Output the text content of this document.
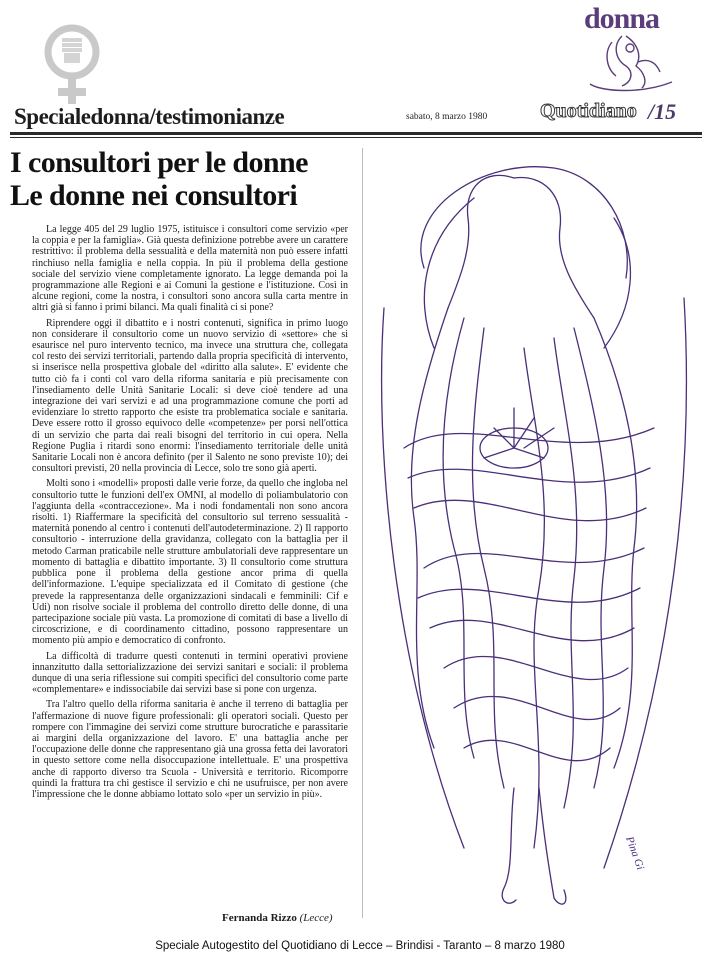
donna
Specialedonna/testimonianze	sabato, 8 marzo 1980	Quotidiano /15
I consultori per le donne
Le donne nei consultori

La legge 405 del 29 luglio 1975, istituisce i consultori come servizio «per la coppia e per la famiglia». Già questa definizione potrebbe avere un carattere restrittivo: il problema della sessualità e della maternità non può essere infatti rinchiuso nella famiglia e nella coppia. In più il problema della gestione sociale del servizio viene completamente ignorato. La legge demanda poi la programmazione alle Regioni e ai Comuni la gestione e l'istituzione. Così in alcune regioni, come la nostra, i consultori sono ancora sulla carta mentre in altri già si fanno i primi bilanci. Ma quali finalità ci si pone?

Riprendere oggi il dibattito e i nostri contenuti, significa in primo luogo non considerare il consultorio come un nuovo servizio di «settore» che si esaurisce nel puro intervento tecnico, ma invece una struttura che, collegata col resto dei servizi territoriali, partendo dalla propria specificità di intervento, si inserisce nella prospettiva globale del «diritto alla salute». E' evidente che tutto ciò fa i conti col varo della riforma sanitaria e più precisamente con l'insediamento delle Unità Sanitarie Locali: si deve cioè tendere ad una integrazione dei vari servizi e ad una programmazione comune che porti ad evidenziare lo stretto rapporto che esiste tra problematica sociale e sanitaria. Deve essere rotto il grosso equivoco delle «competenze» per porsi nell'ottica di un servizio che parta dai reali bisogni del territorio in cui opera. Nella Regione Puglia i ritardi sono enormi: l'insediamento territoriale delle unità Sanitarie Locali non è ancora definito (per il Salento ne sono previste 10); dei consultori previsti, 20 nella provincia di Lecce, solo tre sono già aperti.

Molti sono i «modelli» proposti dalle verie forze, da quello che ingloba nel consultorio tutte le funzioni dell'ex OMNI, al modello di poliambulatorio con l'aggiunta della «contraccezione». Ma i nodi fondamentali non sono ancora risolti. 1) Riaffermare la specificità del consultorio sul terreno sessualità - maternità ponendo al centro i contenuti dell'autodeterminazione. 2) Il rapporto consultorio - interruzione della gravidanza, collegato con la battaglia per il metodo Carman praticabile nelle strutture ambulatoriali deve rappresentare un momento di battaglia e dibattito importante. 3) Il consultorio come struttura pubblica pone il problema della gestione ancor prima di quella dell'informazione. L'equipe specializzata ed il Comitato di gestione (che prevede la rappresentanza delle organizzazioni sindacali e femminili: Cif e Udi) non risolve sociale il problema del controllo diretto delle donne, di una partecipazione sociale più vasta. La promozione di comitati di base a livello di circoscrizione, e di coordinamento cittadino, possono rappresentare un momento più ampio e democratico di confronto.

La difficoltà di tradurre questi contenuti in termini operativi proviene innanzitutto dalla settorializzazione dei servizi sanitari e sociali: il problema dunque di una seria riflessione sui compiti specifici del consultorio come parte «complementare» e indissociabile dai servizi base si pone con urgenza.

Tra l'altro quello della riforma sanitaria è anche il terreno di battaglia per l'affermazione di nuove figure professionali: gli operatori sociali. Questo per rompere con l'immagine dei servizi come strutture burocratiche e parassitarie ai margini della organizzazione del lavoro. E' una battaglia anche per l'occupazione delle donne che rappresentano già una grossa fetta dei lavoratori in questo settore come nella disoccupazione intellettuale. E' una prospettiva anche di rapporto diverso tra Scuola - Università e territorio. Ricomporre quindi la frattura tra chi gestisce il servizio e chi ne usufruisce, per non avere l'impressione che le donne abbiamo lottato solo «per un servizio in più».

Fernanda Rizzo (Lecce)
Pina Gi
Speciale Autogestito del Quotidiano di Lecce – Brindisi - Taranto – 8 marzo 1980
